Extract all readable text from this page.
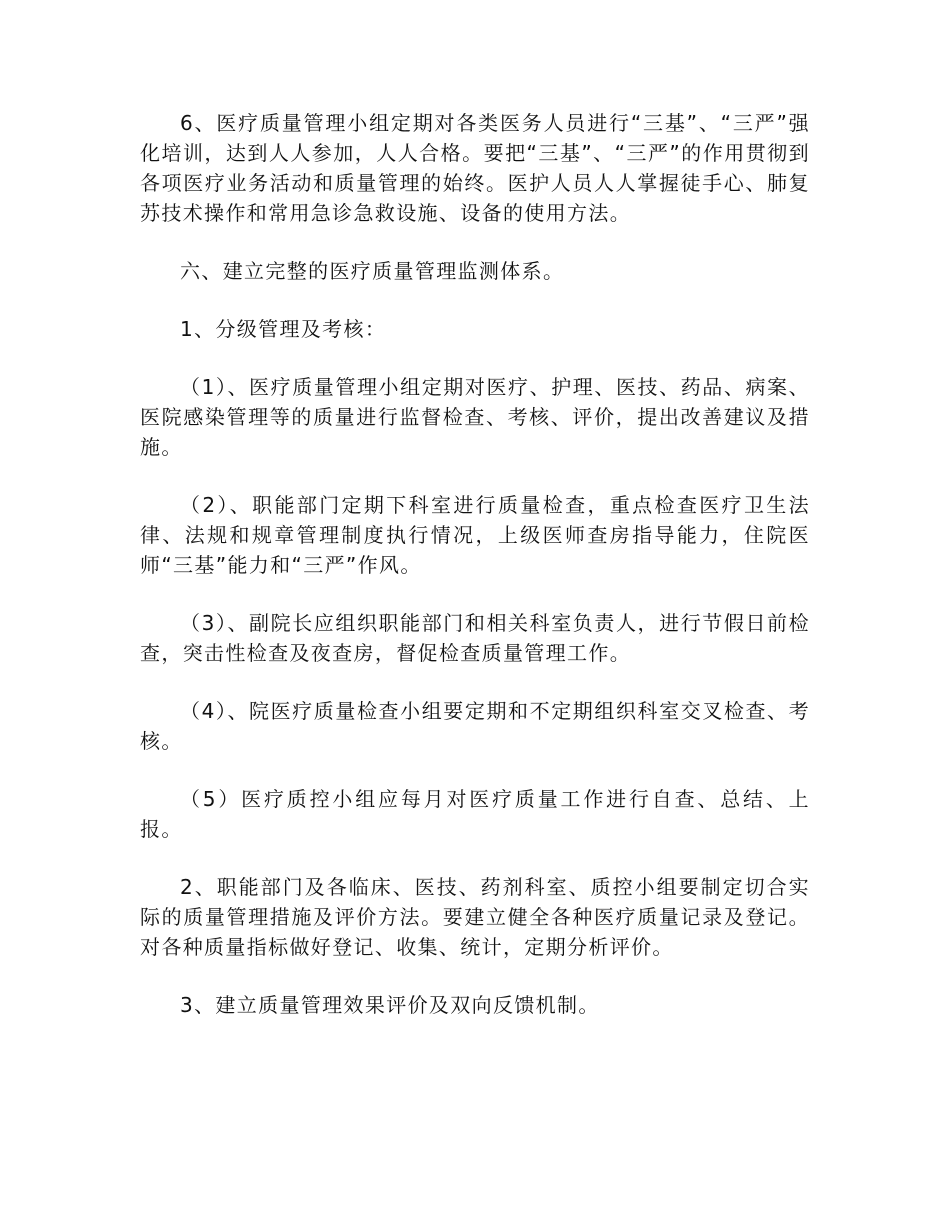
6、医疗质量管理小组定期对各类医务人员进行“三基”、“三严”强化培训，达到人人参加，人人合格。要把“三基”、“三严”的作用贯彻到各项医疗业务活动和质量管理的始终。医护人员人人掌握徒手心、肺复苏技术操作和常用急诊急救设施、设备的使用方法。

六、建立完整的医疗质量管理监测体系。

1、分级管理及考核：

（1）、医疗质量管理小组定期对医疗、护理、医技、药品、病案、医院感染管理等的质量进行监督检查、考核、评价，提出改善建议及措施。

（2）、职能部门定期下科室进行质量检查，重点检查医疗卫生法律、法规和规章管理制度执行情况，上级医师查房指导能力，住院医师“三基”能力和“三严”作风。

（3）、副院长应组织职能部门和相关科室负责人，进行节假日前检查，突击性检查及夜查房，督促检查质量管理工作。

（4）、院医疗质量检查小组要定期和不定期组织科室交叉检查、考核。

（5）医疗质控小组应每月对医疗质量工作进行自查、总结、上报。

2、职能部门及各临床、医技、药剂科室、质控小组要制定切合实际的质量管理措施及评价方法。要建立健全各种医疗质量记录及登记。对各种质量指标做好登记、收集、统计，定期分析评价。

3、建立质量管理效果评价及双向反馈机制。
